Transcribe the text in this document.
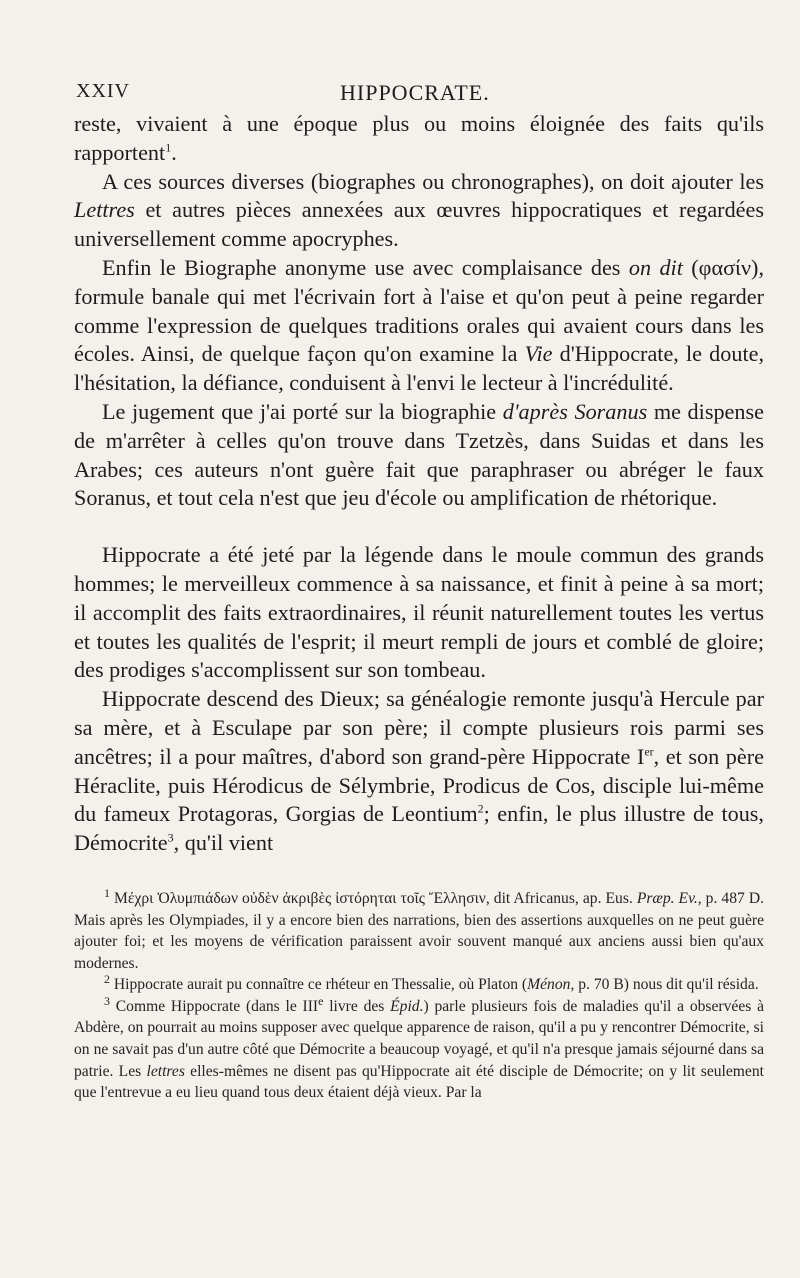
XXIV	HIPPOCRATE.

reste, vivaient à une époque plus ou moins éloignée des faits qu'ils rapportent$^1$.

A ces sources diverses (biographes ou chronographes), on doit ajouter les Lettres et autres pièces annexées aux œuvres hippocratiques et regardées universellement comme apocryphes.

Enfin le Biographe anonyme use avec complaisance des on dit (φασίν), formule banale qui met l'écrivain fort à l'aise et qu'on peut à peine regarder comme l'expression de quelques traditions orales qui avaient cours dans les écoles. Ainsi, de quelque façon qu'on examine la Vie d'Hippocrate, le doute, l'hésitation, la défiance, conduisent à l'envi le lecteur à l'incrédulité.

Le jugement que j'ai porté sur la biographie d'après Soranus me dispense de m'arrêter à celles qu'on trouve dans Tzetzès, dans Suidas et dans les Arabes; ces auteurs n'ont guère fait que paraphraser ou abréger le faux Soranus, et tout cela n'est que jeu d'école ou amplification de rhétorique.

Hippocrate a été jeté par la légende dans le moule commun des grands hommes; le merveilleux commence à sa naissance, et finit à peine à sa mort; il accomplit des faits extraordinaires, il réunit naturellement toutes les vertus et toutes les qualités de l'esprit; il meurt rempli de jours et comblé de gloire; des prodiges s'accomplissent sur son tombeau.

Hippocrate descend des Dieux; sa généalogie remonte jusqu'à Hercule par sa mère, et à Esculape par son père; il compte plusieurs rois parmi ses ancêtres; il a pour maîtres, d'abord son grand-père Hippocrate Ier, et son père Héraclite, puis Hérodicus de Sélymbrie, Prodicus de Cos, disciple lui-même du fameux Protagoras, Gorgias de Leontium$^2$; enfin, le plus illustre de tous, Démocrite$^3$, qu'il vient

$^1$ Μέχρι Ὀλυμπιάδων οὐδὲν ἀκριβὲς ἱστόρηται τοῖς Ἕλλησιν, dit Africanus, ap. Eus. Præp. Ev., p. 487 D. Mais après les Olympiades, il y a encore bien des narrations, bien des assertions auxquelles on ne peut guère ajouter foi; et les moyens de vérification paraissent avoir souvent manqué aux anciens aussi bien qu'aux modernes.

$^2$ Hippocrate aurait pu connaître ce rhéteur en Thessalie, où Platon (Ménon, p. 70 B) nous dit qu'il résida.

$^3$ Comme Hippocrate (dans le IIIe livre des Épid.) parle plusieurs fois de maladies qu'il a observées à Abdère, on pourrait au moins supposer avec quelque apparence de raison, qu'il a pu y rencontrer Démocrite, si on ne savait pas d'un autre côté que Démocrite a beaucoup voyagé, et qu'il n'a presque jamais séjourné dans sa patrie. Les lettres elles-mêmes ne disent pas qu'Hippocrate ait été disciple de Démocrite; on y lit seulement que l'entrevue a eu lieu quand tous deux étaient déjà vieux. Par la
